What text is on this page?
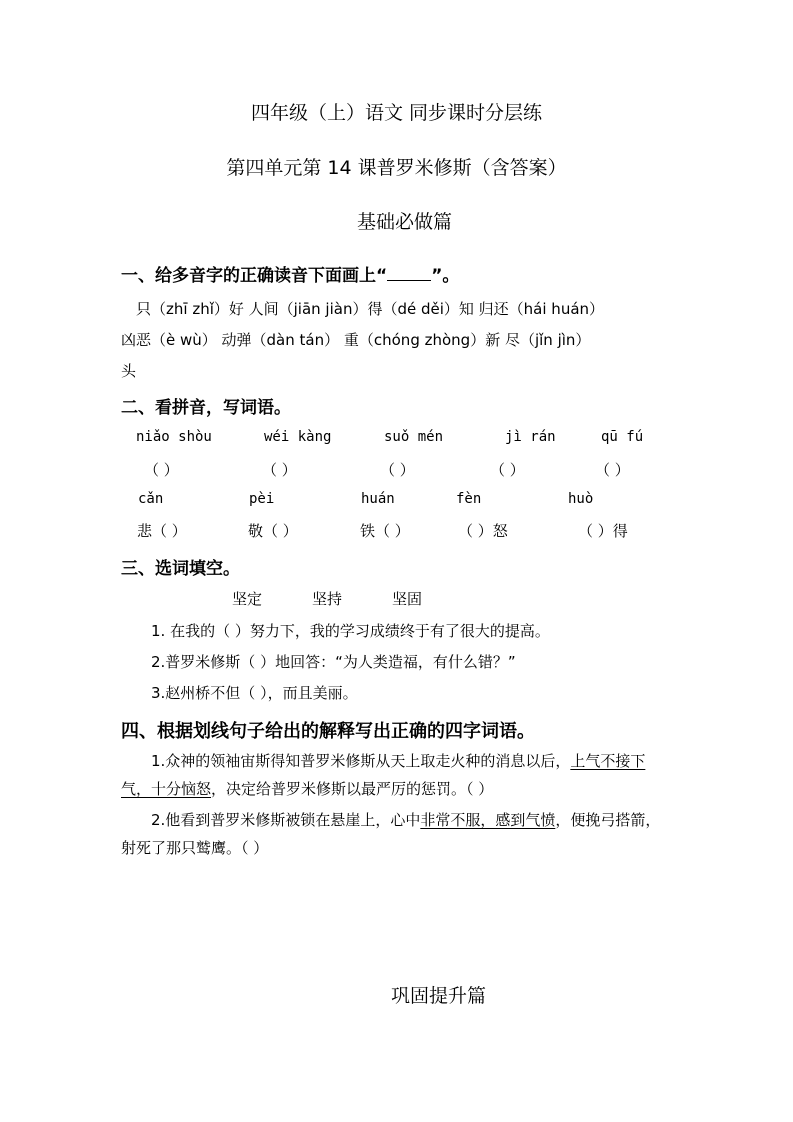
四年级（上）语文 同步课时分层练
第四单元第 14 课普罗米修斯（含答案）
基础必做篇
一、给多音字的正确读音下面画上“	”。
只（zhī zhǐ）好 人间（jiān jiàn）得（dé děi）知 归还（hái huán）
凶恶（è wù） 动弹（dàn tán） 重（chóng zhòng）新 尽（jǐn jìn）
头
二、看拼音，写词语。
niǎo shòu	wéi kàng	suǒ mén	jì rán	qū fú
（ ）	（ ）	（ ）	（ ）	（ ）
cǎn	pèi	huán	fèn	huò
悲（ ）	敬（ ）	铁（ ）	（ ）怒	（ ）得
三、选词填空。
坚定	坚持	坚固
1. 在我的（ ）努力下，我的学习成绩终于有了很大的提高。
2.普罗米修斯（ ）地回答：“为人类造福，有什么错？”
3.赵州桥不但（ ），而且美丽。
四、根据划线句子给出的解释写出正确的四字词语。
1.众神的领袖宙斯得知普罗米修斯从天上取走火种的消息以后，上气不接下
气，十分恼怒，决定给普罗米修斯以最严厉的惩罚。（ ）
2.他看到普罗米修斯被锁在悬崖上，心中非常不服，感到气愤，便挽弓搭箭，
射死了那只鹫鹰。（ ）
巩固提升篇
